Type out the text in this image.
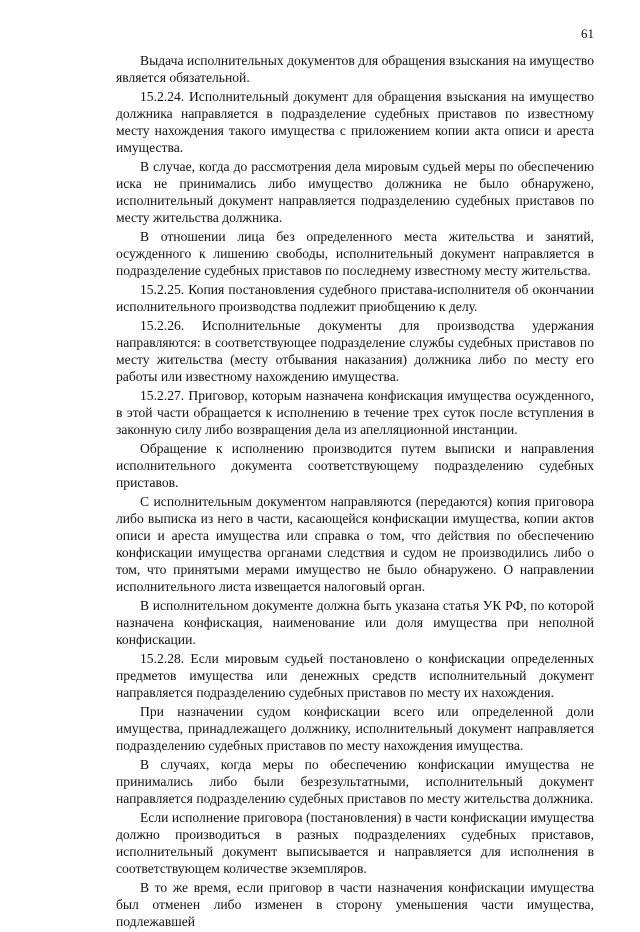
61

Выдача исполнительных документов для обращения взыскания на имущество является обязательной.

15.2.24. Исполнительный документ для обращения взыскания на имущество должника направляется в подразделение судебных приставов по известному месту нахождения такого имущества с приложением копии акта описи и ареста имущества.

В случае, когда до рассмотрения дела мировым судьей меры по обеспечению иска не принимались либо имущество должника не было обнаружено, исполнительный документ направляется подразделению судебных приставов по месту жительства должника.

В отношении лица без определенного места жительства и занятий, осужденного к лишению свободы, исполнительный документ направляется в подразделение судебных приставов по последнему известному месту жительства.

15.2.25. Копия постановления судебного пристава-исполнителя об окончании исполнительного производства подлежит приобщению к делу.

15.2.26. Исполнительные документы для производства удержания направляются: в соответствующее подразделение службы судебных приставов по месту жительства (месту отбывания наказания) должника либо по месту его работы или известному нахождению имущества.

15.2.27. Приговор, которым назначена конфискация имущества осужденного, в этой части обращается к исполнению в течение трех суток после вступления в законную силу либо возвращения дела из апелляционной инстанции.

Обращение к исполнению производится путем выписки и направления исполнительного документа соответствующему подразделению судебных приставов.

С исполнительным документом направляются (передаются) копия приговора либо выписка из него в части, касающейся конфискации имущества, копии актов описи и ареста имущества или справка о том, что действия по обеспечению конфискации имущества органами следствия и судом не производились либо о том, что принятыми мерами имущество не было обнаружено. О направлении исполнительного листа извещается налоговый орган.

В исполнительном документе должна быть указана статья УК РФ, по которой назначена конфискация, наименование или доля имущества при неполной конфискации.

15.2.28. Если мировым судьей постановлено о конфискации определенных предметов имущества или денежных средств исполнительный документ направляется подразделению судебных приставов по месту их нахождения.

При назначении судом конфискации всего или определенной доли имущества, принадлежащего должнику, исполнительный документ направляется подразделению судебных приставов по месту нахождения имущества.

В случаях, когда меры по обеспечению конфискации имущества не принимались либо были безрезультатными, исполнительный документ направляется подразделению судебных приставов по месту жительства должника.

Если исполнение приговора (постановления) в части конфискации имущества должно производиться в разных подразделениях судебных приставов, исполнительный документ выписывается и направляется для исполнения в соответствующем количестве экземпляров.

В то же время, если приговор в части назначения конфискации имущества был отменен либо изменен в сторону уменьшения части имущества, подлежавшей
